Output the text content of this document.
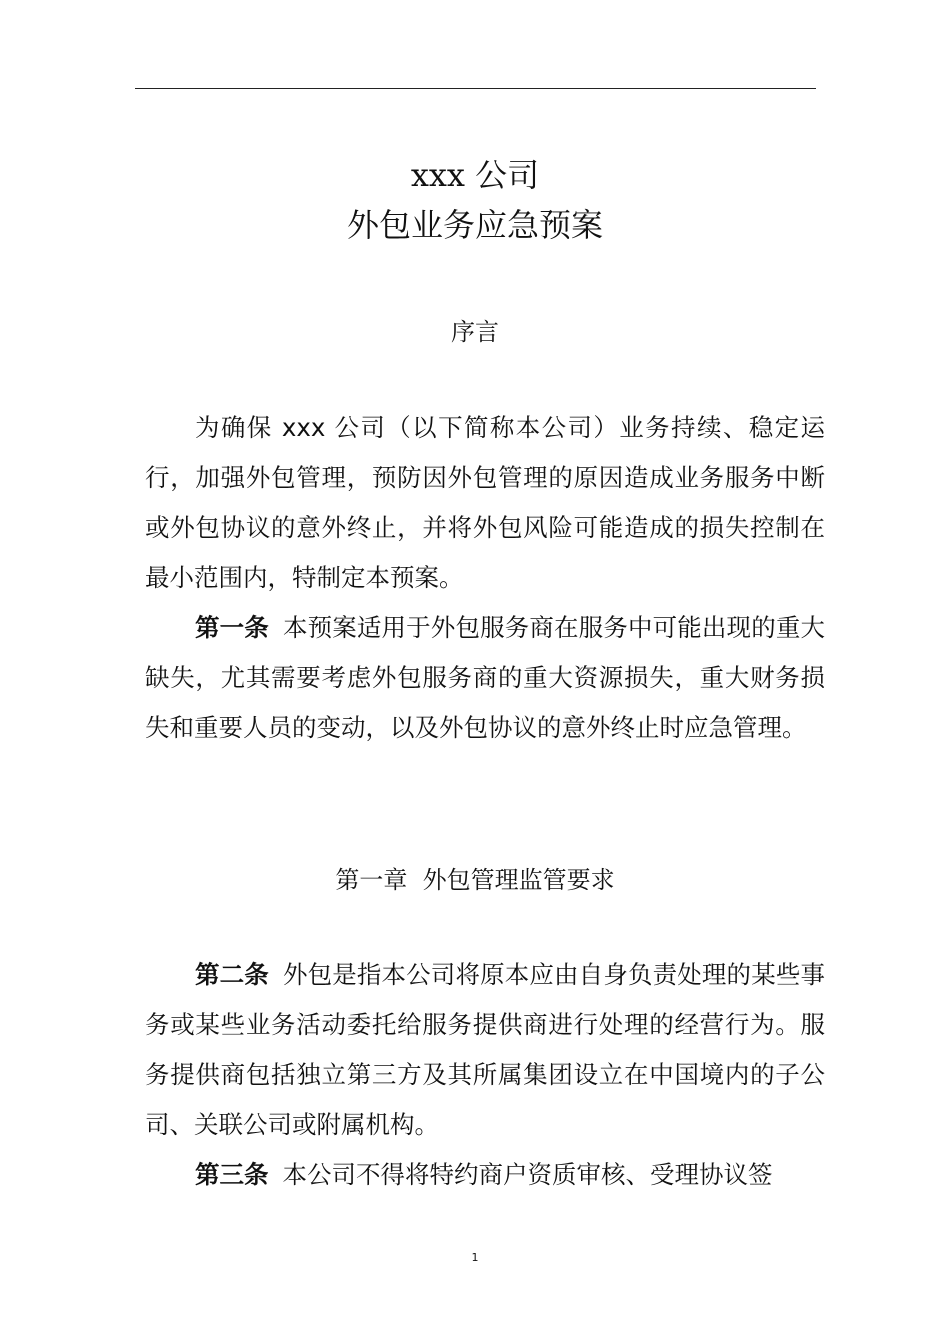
xxx 公司
外包业务应急预案
序言

为确保 xxx 公司（以下简称本公司）业务持续、稳定运行，加强外包管理，预防因外包管理的原因造成业务服务中断或外包协议的意外终止，并将外包风险可能造成的损失控制在最小范围内，特制定本预案。

第一条 本预案适用于外包服务商在服务中可能出现的重大缺失，尤其需要考虑外包服务商的重大资源损失，重大财务损失和重要人员的变动，以及外包协议的意外终止时应急管理。

第一章  外包管理监管要求

第二条 外包是指本公司将原本应由自身负责处理的某些事务或某些业务活动委托给服务提供商进行处理的经营行为。服务提供商包括独立第三方及其所属集团设立在中国境内的子公司、关联公司或附属机构。

第三条 本公司不得将特约商户资质审核、受理协议签

1
